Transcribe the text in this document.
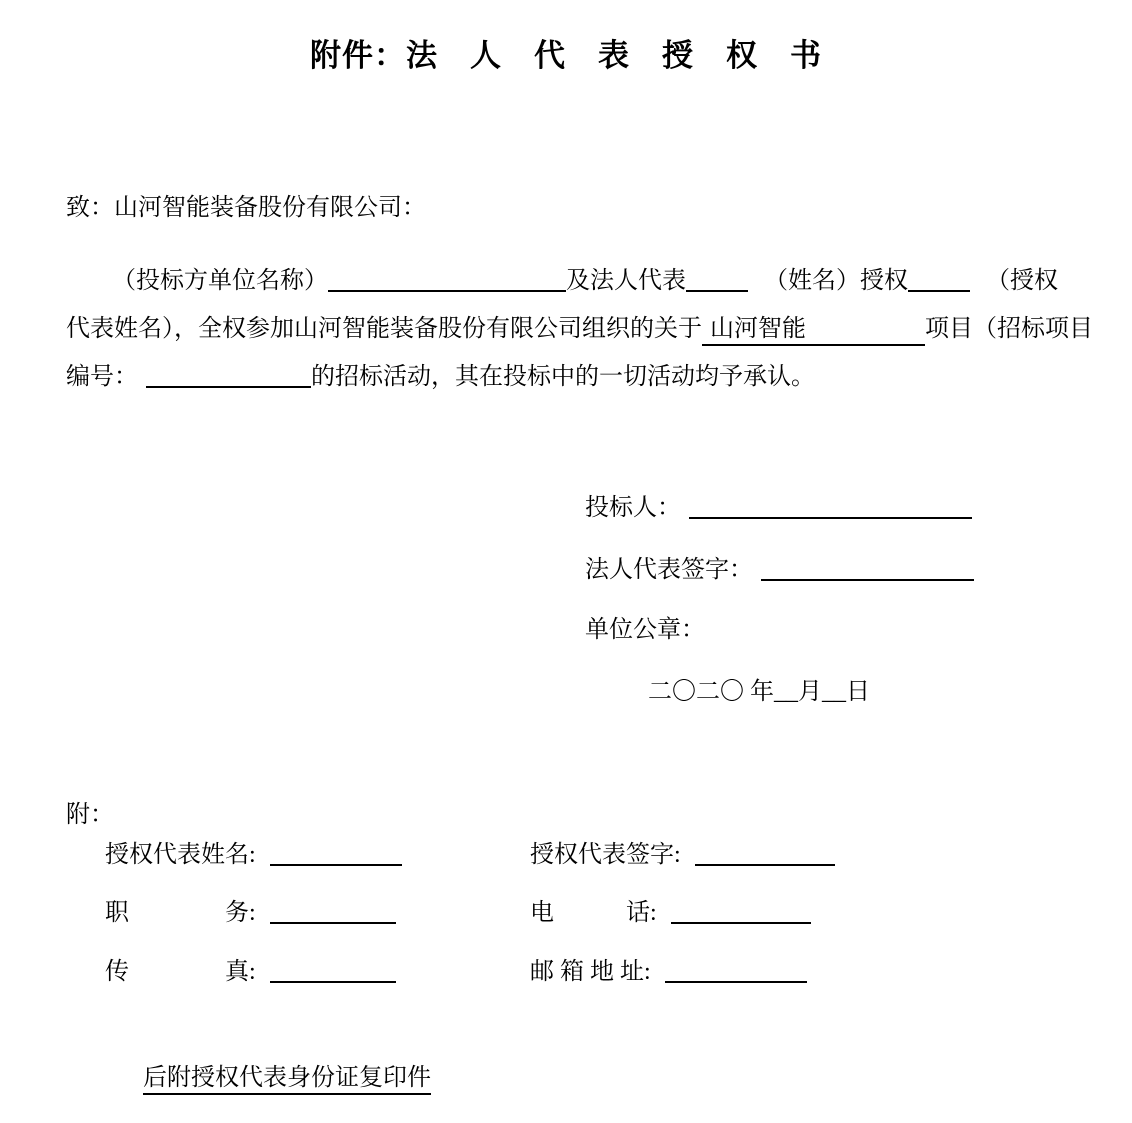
附件：法　人　代　表　授　权　书
致：山河智能装备股份有限公司：
（投标方单位名称）	及法人代表	（姓名）授权	（授权
代表姓名），全权参加山河智能装备股份有限公司组织的关于 山河智能	项目（招标项目
编号：	的招标活动，其在投标中的一切活动均予承认。
投标人：
法人代表签字：
单位公章：
二〇二〇 年__月__日
附：
授权代表姓名:	授权代表签字:
职　　　　务:	电　　　话:
传　　　　真:	邮 箱 地 址:
后附授权代表身份证复印件
